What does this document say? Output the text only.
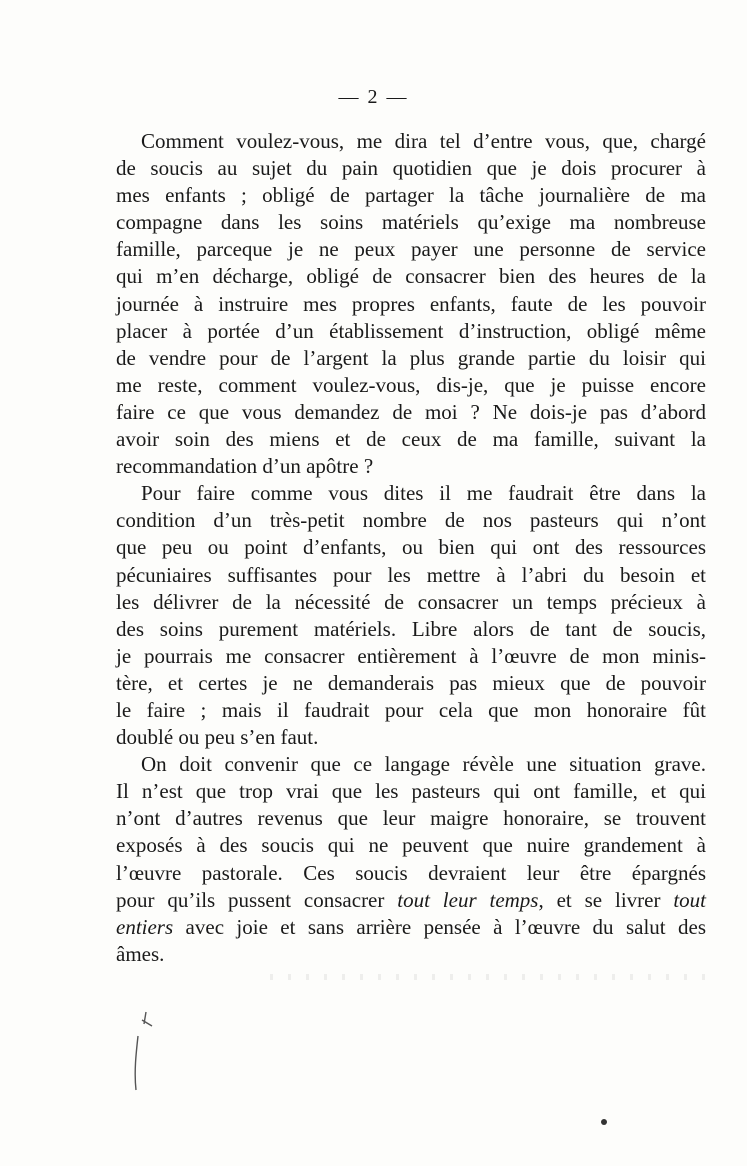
— 2 —
Comment voulez-vous, me dira tel d’entre vous, que, chargé
de soucis au sujet du pain quotidien que je dois procurer à
mes enfants ; obligé de partager la tâche journalière de ma
compagne dans les soins matériels qu’exige ma nombreuse
famille, parceque je ne peux payer une personne de service
qui m’en décharge, obligé de consacrer bien des heures de la
journée à instruire mes propres enfants, faute de les pouvoir
placer à portée d’un établissement d’instruction, obligé même
de vendre pour de l’argent la plus grande partie du loisir qui
me reste, comment voulez-vous, dis-je, que je puisse encore
faire ce que vous demandez de moi ? Ne dois-je pas d’abord
avoir soin des miens et de ceux de ma famille, suivant la
recommandation d’un apôtre ?
Pour faire comme vous dites il me faudrait être dans la
condition d’un très-petit nombre de nos pasteurs qui n’ont
que peu ou point d’enfants, ou bien qui ont des ressources
pécuniaires suffisantes pour les mettre à l’abri du besoin et
les délivrer de la nécessité de consacrer un temps précieux à
des soins purement matériels. Libre alors de tant de soucis,
je pourrais me consacrer entièrement à l’œuvre de mon minis-
tère, et certes je ne demanderais pas mieux que de pouvoir
le faire ; mais il faudrait pour cela que mon honoraire fût
doublé ou peu s’en faut.
On doit convenir que ce langage révèle une situation grave.
Il n’est que trop vrai que les pasteurs qui ont famille, et qui
n’ont d’autres revenus que leur maigre honoraire, se trouvent
exposés à des soucis qui ne peuvent que nuire grandement à
l’œuvre pastorale. Ces soucis devraient leur être épargnés
pour qu’ils pussent consacrer tout leur temps, et se livrer tout
entiers avec joie et sans arrière pensée à l’œuvre du salut des
âmes.
